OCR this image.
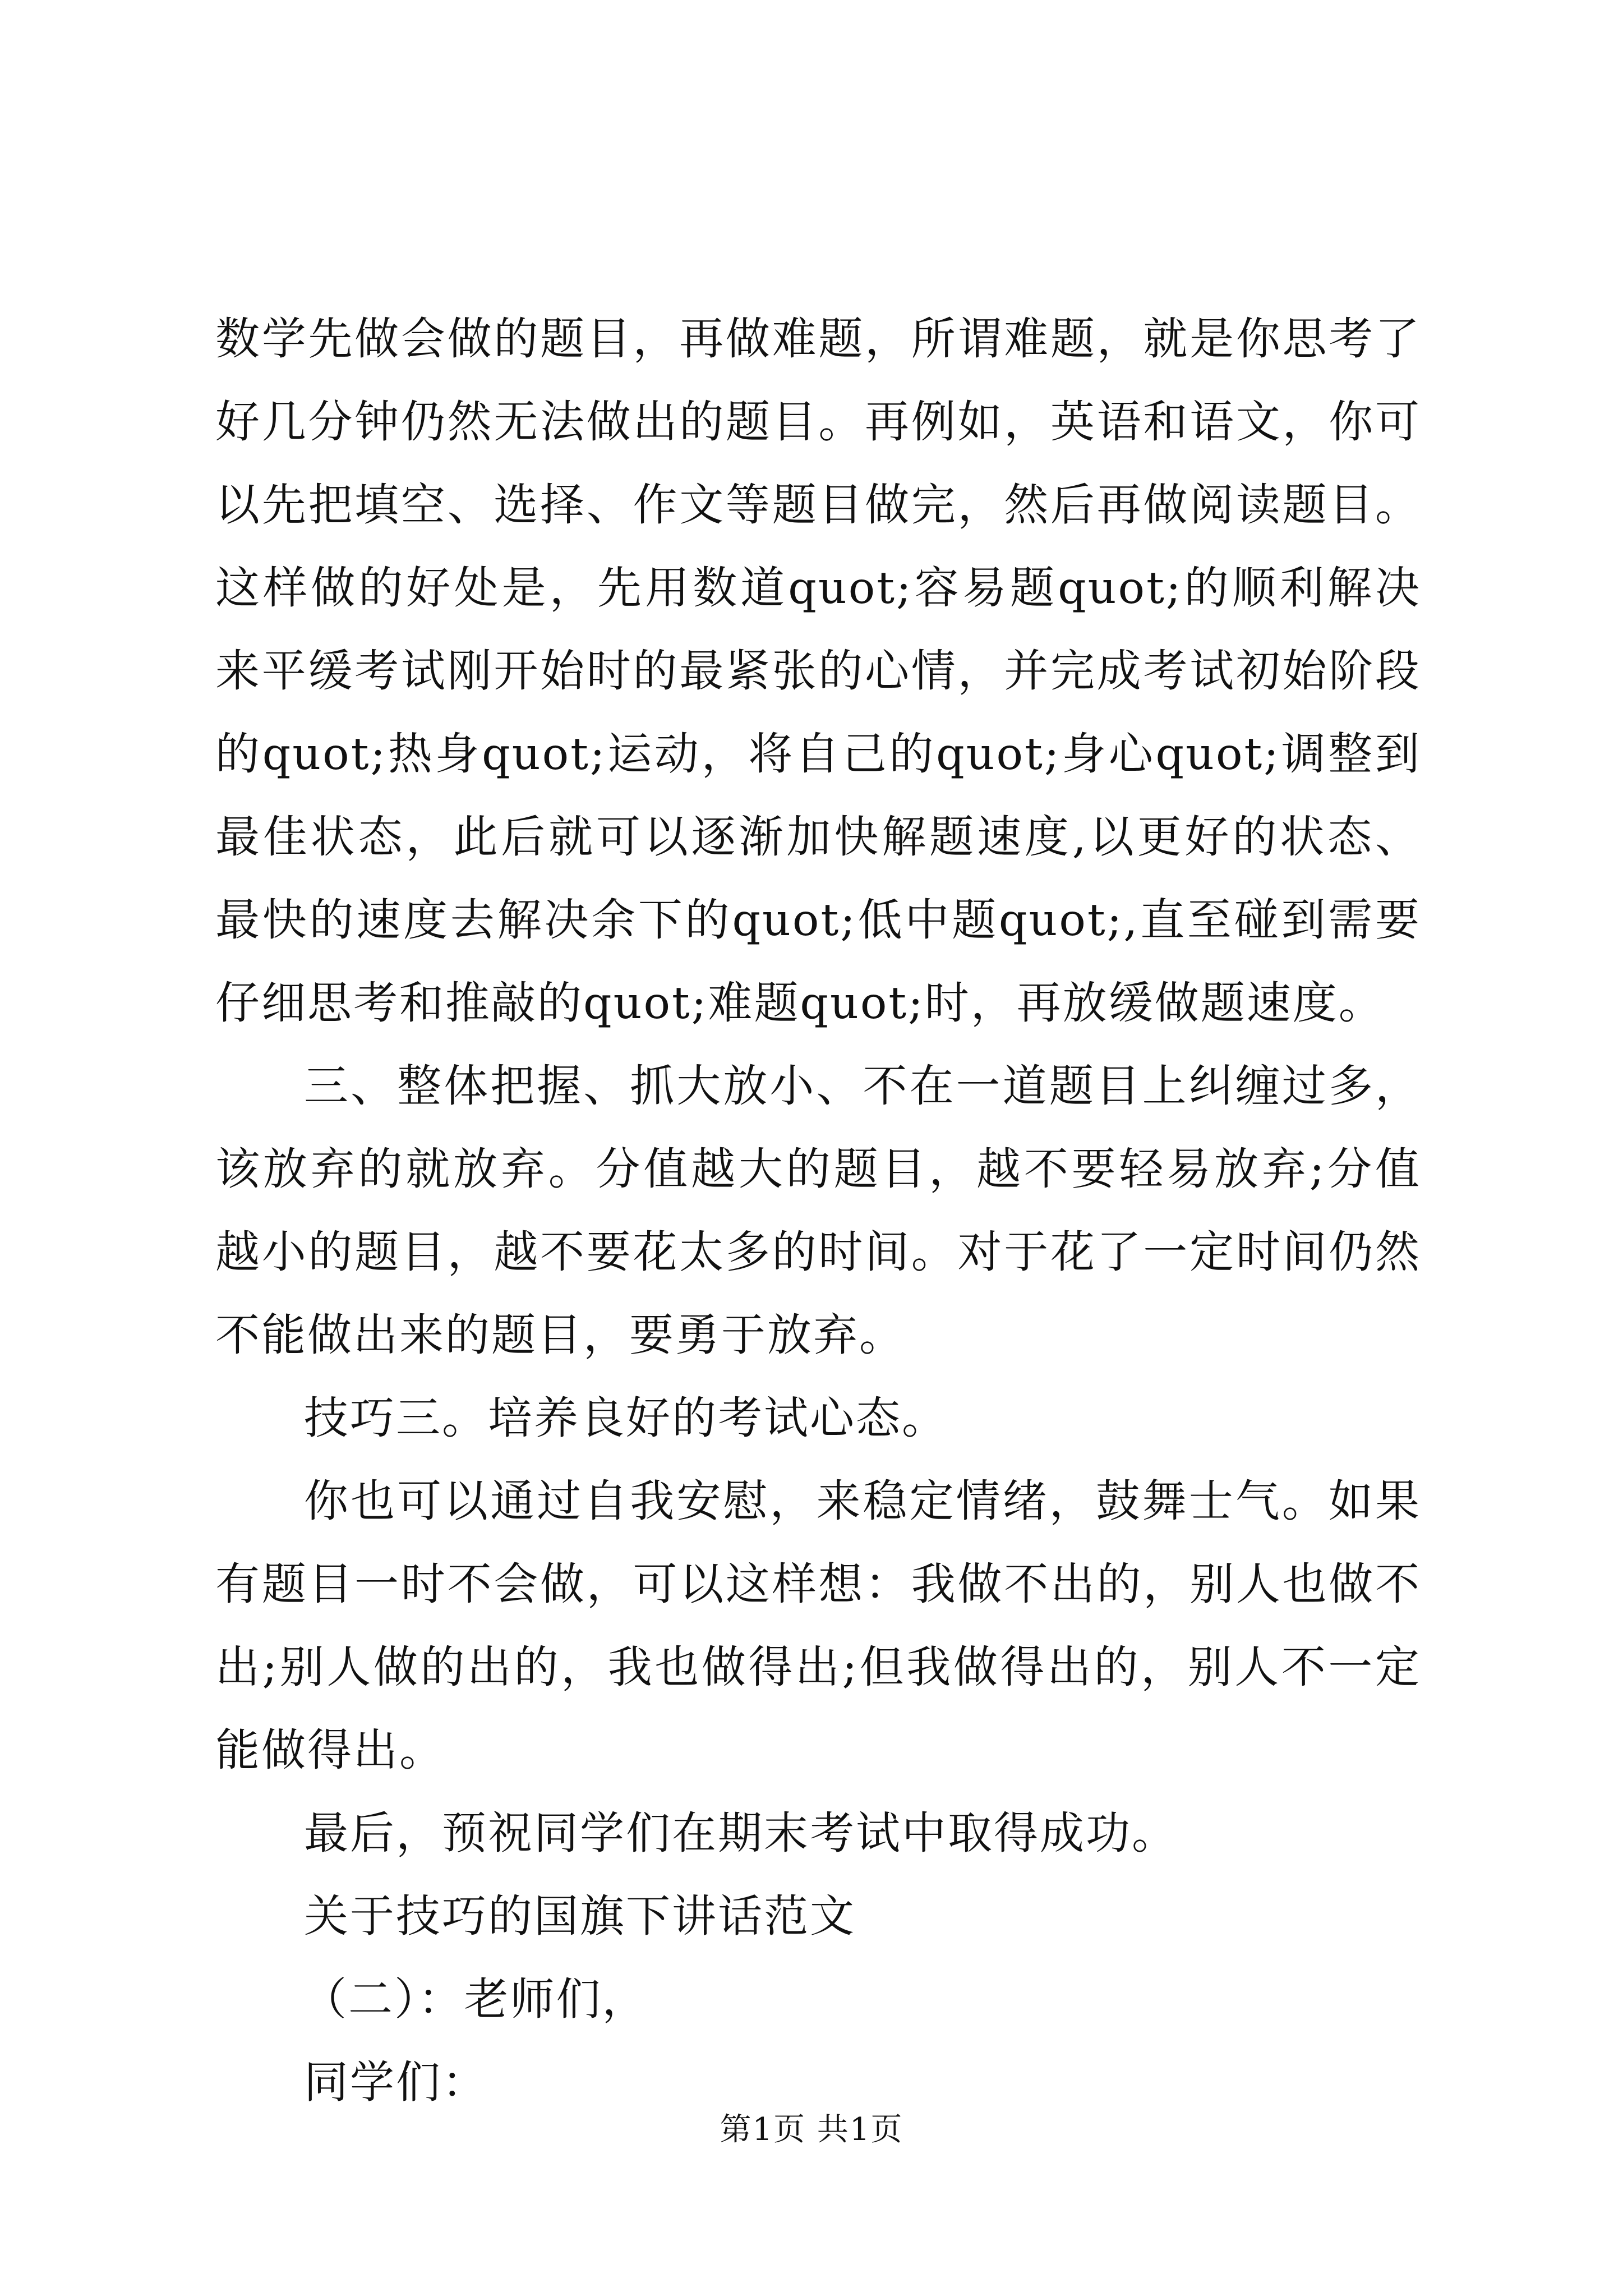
数学先做会做的题目，再做难题，所谓难题，就是你思考了好几分钟仍然无法做出的题目。再例如，英语和语文，你可以先把填空、选择、作文等题目做完，然后再做阅读题目。这样做的好处是，先用数道quot;容易题quot;的顺利解决来平缓考试刚开始时的最紧张的心情，并完成考试初始阶段的quot;热身quot;运动，将自己的quot;身心quot;调整到最佳状态，此后就可以逐渐加快解题速度,以更好的状态、最快的速度去解决余下的quot;低中题quot;,直至碰到需要仔细思考和推敲的quot;难题quot;时，再放缓做题速度。

三、整体把握、抓大放小、不在一道题目上纠缠过多，该放弃的就放弃。分值越大的题目，越不要轻易放弃;分值越小的题目，越不要花太多的时间。对于花了一定时间仍然不能做出来的题目，要勇于放弃。

技巧三。培养良好的考试心态。

你也可以通过自我安慰，来稳定情绪，鼓舞士气。如果有题目一时不会做，可以这样想：我做不出的，别人也做不出;别人做的出的，我也做得出;但我做得出的，别人不一定能做得出。

最后，预祝同学们在期末考试中取得成功。

关于技巧的国旗下讲话范文

（二）：老师们，

同学们：

第1页 共1页
